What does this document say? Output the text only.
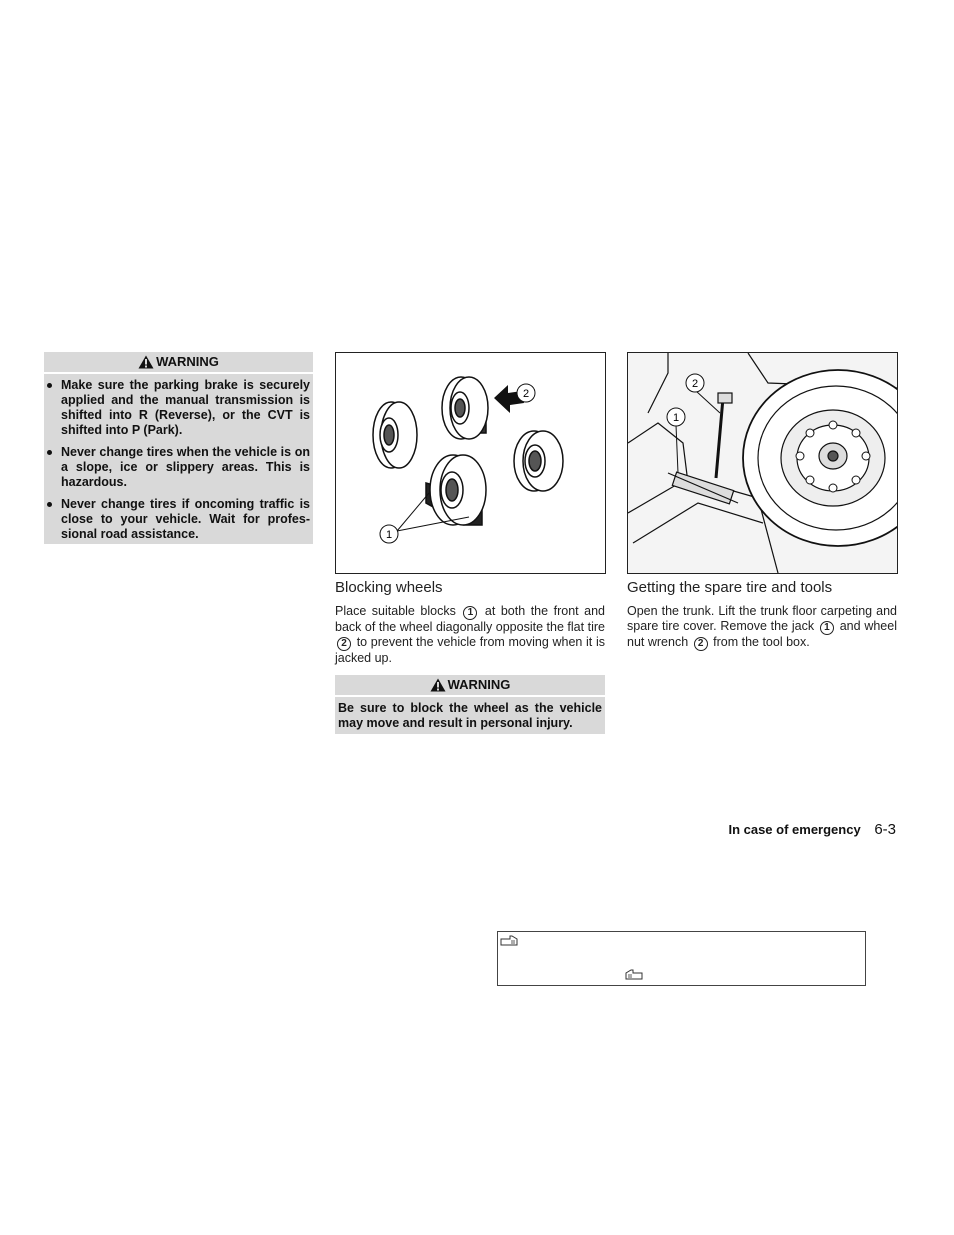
WARNING
Make sure the parking brake is securely applied and the manual transmission is shifted into R (Reverse), or the CVT is shifted into P (Park).
Never change tires when the vehicle is on a slope, ice or slippery areas. This is hazardous.
Never change tires if oncoming traffic is close to your vehicle. Wait for profes-sional road assistance.
2
1
2
1
Blocking wheels
Place suitable blocks 1 at both the front and back of the wheel diagonally opposite the flat tire 2 to prevent the vehicle from moving when it is jacked up.
WARNING
Be sure to block the wheel as the vehicle may move and result in personal injury.
Getting the spare tire and tools
Open the trunk. Lift the trunk floor carpeting and spare tire cover. Remove the jack 1 and wheel nut wrench 2 from the tool box.
In case of emergency 6-3
